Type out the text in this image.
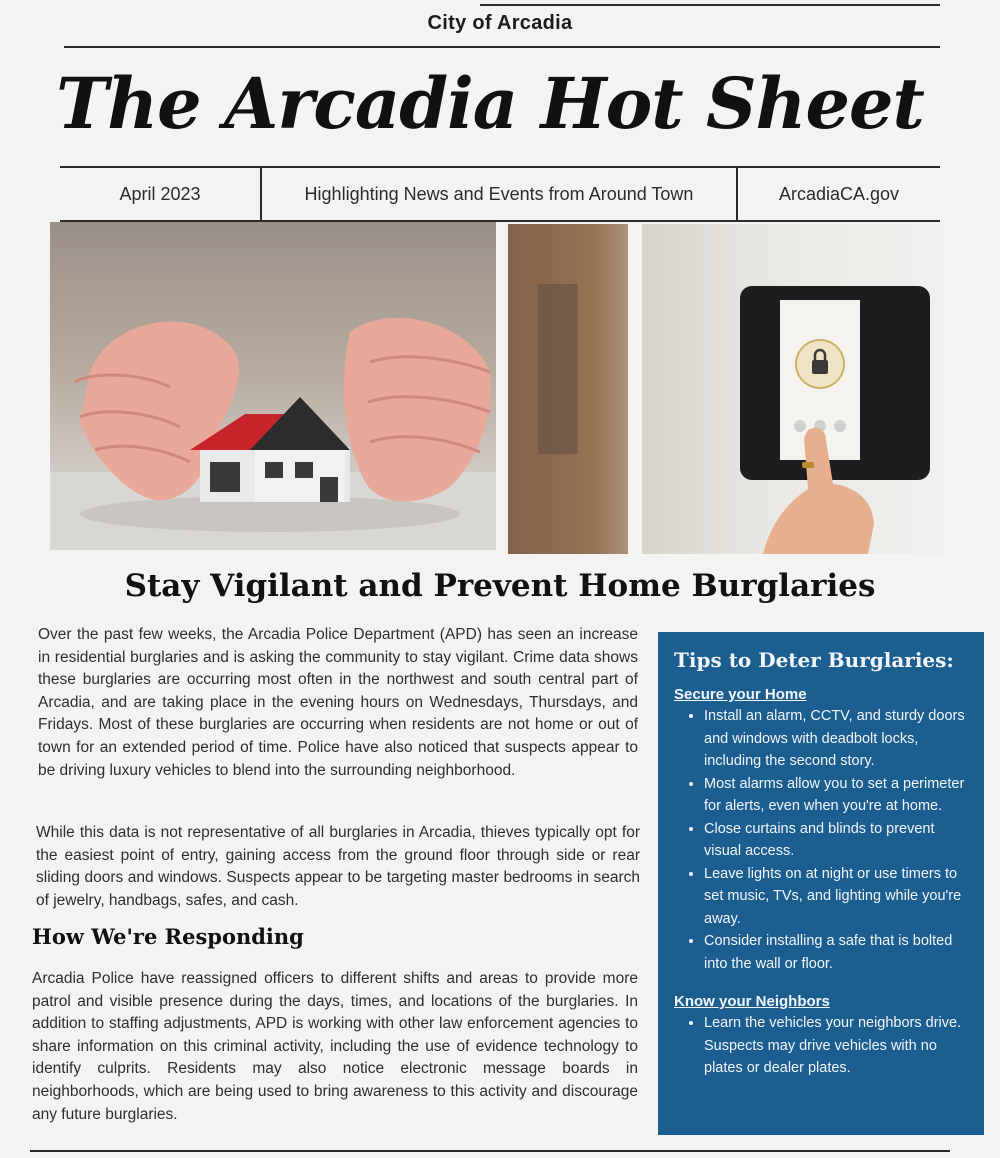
City of Arcadia
The Arcadia Hot Sheet
April 2023	Highlighting News and Events from Around Town	ArcadiaCA.gov
Stay Vigilant and Prevent Home Burglaries
Over the past few weeks, the Arcadia Police Department (APD) has seen an increase in residential burglaries and is asking the community to stay vigilant. Crime data shows these burglaries are occurring most often in the northwest and south central part of Arcadia, and are taking place in the evening hours on Wednesdays, Thursdays, and Fridays. Most of these burglaries are occurring when residents are not home or out of town for an extended period of time. Police have also noticed that suspects appear to be driving luxury vehicles to blend into the surrounding neighborhood.
While this data is not representative of all burglaries in Arcadia, thieves typically opt for the easiest point of entry, gaining access from the ground floor through side or rear sliding doors and windows. Suspects appear to be targeting master bedrooms in search of jewelry, handbags, safes, and cash.
How We're Responding
Arcadia Police have reassigned officers to different shifts and areas to provide more patrol and visible presence during the days, times, and locations of the burglaries. In addition to staffing adjustments, APD is working with other law enforcement agencies to share information on this criminal activity, including the use of evidence technology to identify culprits. Residents may also notice electronic message boards in neighborhoods, which are being used to bring awareness to this activity and discourage any future burglaries.
Tips to Deter Burglaries:
Secure your Home
• Install an alarm, CCTV, and sturdy doors and windows with deadbolt locks, including the second story.
• Most alarms allow you to set a perimeter for alerts, even when you're at home.
• Close curtains and blinds to prevent visual access.
• Leave lights on at night or use timers to set music, TVs, and lighting while you're away.
• Consider installing a safe that is bolted into the wall or floor.
Know your Neighbors
• Learn the vehicles your neighbors drive. Suspects may drive vehicles with no plates or dealer plates.
